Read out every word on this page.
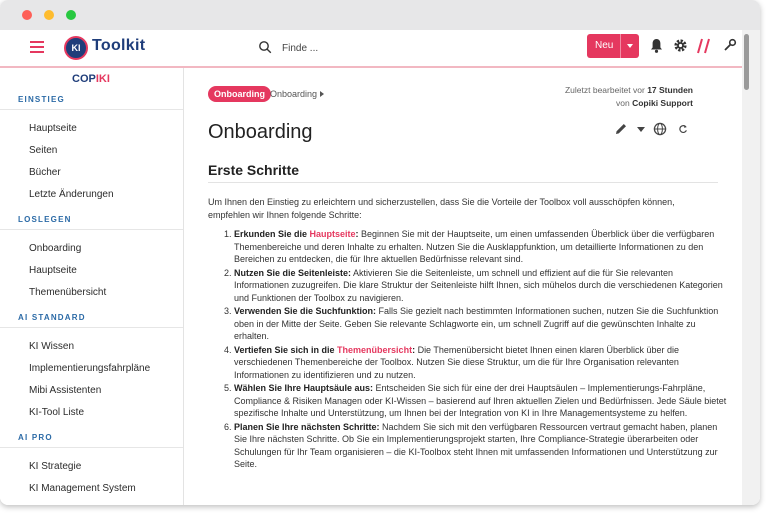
KI Toolkit
Finde ...	Neu
COPIKI
EINSTIEG
Hauptseite
Seiten
Bücher
Letzte Änderungen
LOSLEGEN
Onboarding
Hauptseite
Themenübersicht
AI STANDARD
KI Wissen
Implementierungsfahrpläne
Mibi Assistenten
KI-Tool Liste
AI PRO
KI Strategie
KI Management System
Onboarding Onboarding	Zuletzt bearbeitet vor 17 Stunden
von Copiki Support
Onboarding
Erste Schritte
Um Ihnen den Einstieg zu erleichtern und sicherzustellen, dass Sie die Vorteile der Toolbox voll ausschöpfen können, empfehlen wir Ihnen folgende Schritte:
1. Erkunden Sie die Hauptseite: Beginnen Sie mit der Hauptseite, um einen umfassenden Überblick über die verfügbaren Themenbereiche und deren Inhalte zu erhalten. Nutzen Sie die Ausklappfunktion, um detaillierte Informationen zu den Bereichen zu entdecken, die für Ihre aktuellen Bedürfnisse relevant sind.
2. Nutzen Sie die Seitenleiste: Aktivieren Sie die Seitenleiste, um schnell und effizient auf die für Sie relevanten Informationen zuzugreifen. Die klare Struktur der Seitenleiste hilft Ihnen, sich mühelos durch die verschiedenen Kategorien und Funktionen der Toolbox zu navigieren.
3. Verwenden Sie die Suchfunktion: Falls Sie gezielt nach bestimmten Informationen suchen, nutzen Sie die Suchfunktion oben in der Mitte der Seite. Geben Sie relevante Schlagworte ein, um schnell Zugriff auf die gewünschten Inhalte zu erhalten.
4. Vertiefen Sie sich in die Themenübersicht: Die Themenübersicht bietet Ihnen einen klaren Überblick über die verschiedenen Themenbereiche der Toolbox. Nutzen Sie diese Struktur, um die für Ihre Organisation relevanten Informationen zu identifizieren und zu nutzen.
5. Wählen Sie Ihre Hauptsäule aus: Entscheiden Sie sich für eine der drei Hauptsäulen – Implementierungs-Fahrpläne, Compliance & Risiken Managen oder KI-Wissen – basierend auf Ihren aktuellen Zielen und Bedürfnissen. Jede Säule bietet spezifische Inhalte und Unterstützung, um Ihnen bei der Integration von KI in Ihre Managementsysteme zu helfen.
6. Planen Sie Ihre nächsten Schritte: Nachdem Sie sich mit den verfügbaren Ressourcen vertraut gemacht haben, planen Sie Ihre nächsten Schritte. Ob Sie ein Implementierungsprojekt starten, Ihre Compliance-Strategie überarbeiten oder Schulungen für Ihr Team organisieren – die KI-Toolbox steht Ihnen mit umfassenden Informationen und Unterstützung zur Seite.
